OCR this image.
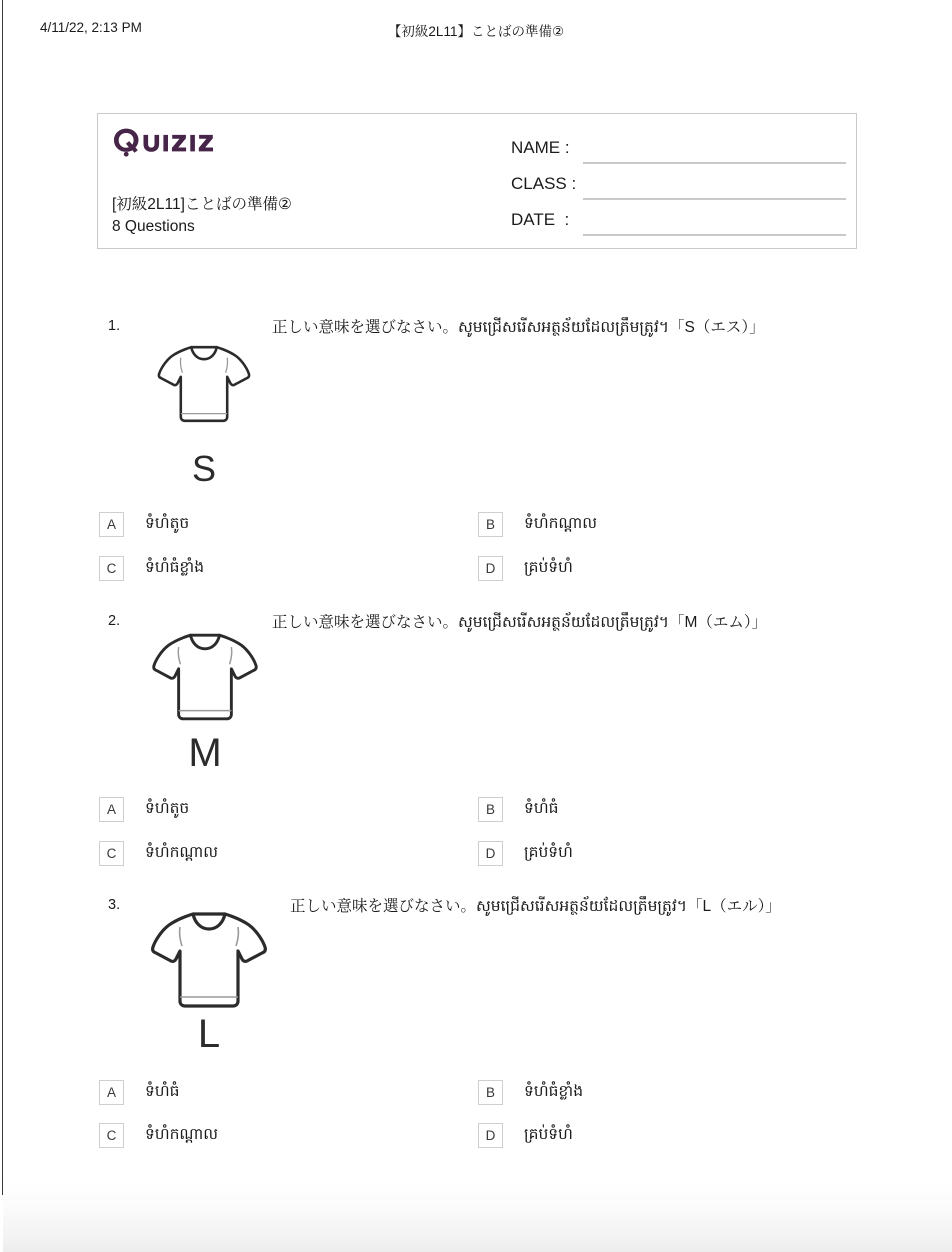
4/11/22, 2:13 PM	【初級2L11】ことばの準備②
[初級2L11]ことばの準備②
8 Questions
NAME :
CLASS :
DATE  :
1.	正しい意味を選びなさい。សូមជ្រើសរើសអត្ថន័យដែលត្រឹមត្រូវ។「S（エス）」
S
A	ទំហំតូច	B	ទំហំកណ្ដាល
C	ទំហំធំខ្លាំង	D	គ្រប់ទំហំ
2.	正しい意味を選びなさい。សូមជ្រើសរើសអត្ថន័យដែលត្រឹមត្រូវ។「M（エム）」
M
A	ទំហំតូច	B	ទំហំធំ
C	ទំហំកណ្ដាល	D	គ្រប់ទំហំ
3.	正しい意味を選びなさい。សូមជ្រើសរើសអត្ថន័យដែលត្រឹមត្រូវ។「L（エル）」
L
A	ទំហំធំ	B	ទំហំធំខ្លាំង
C	ទំហំកណ្ដាល	D	គ្រប់ទំហំ
